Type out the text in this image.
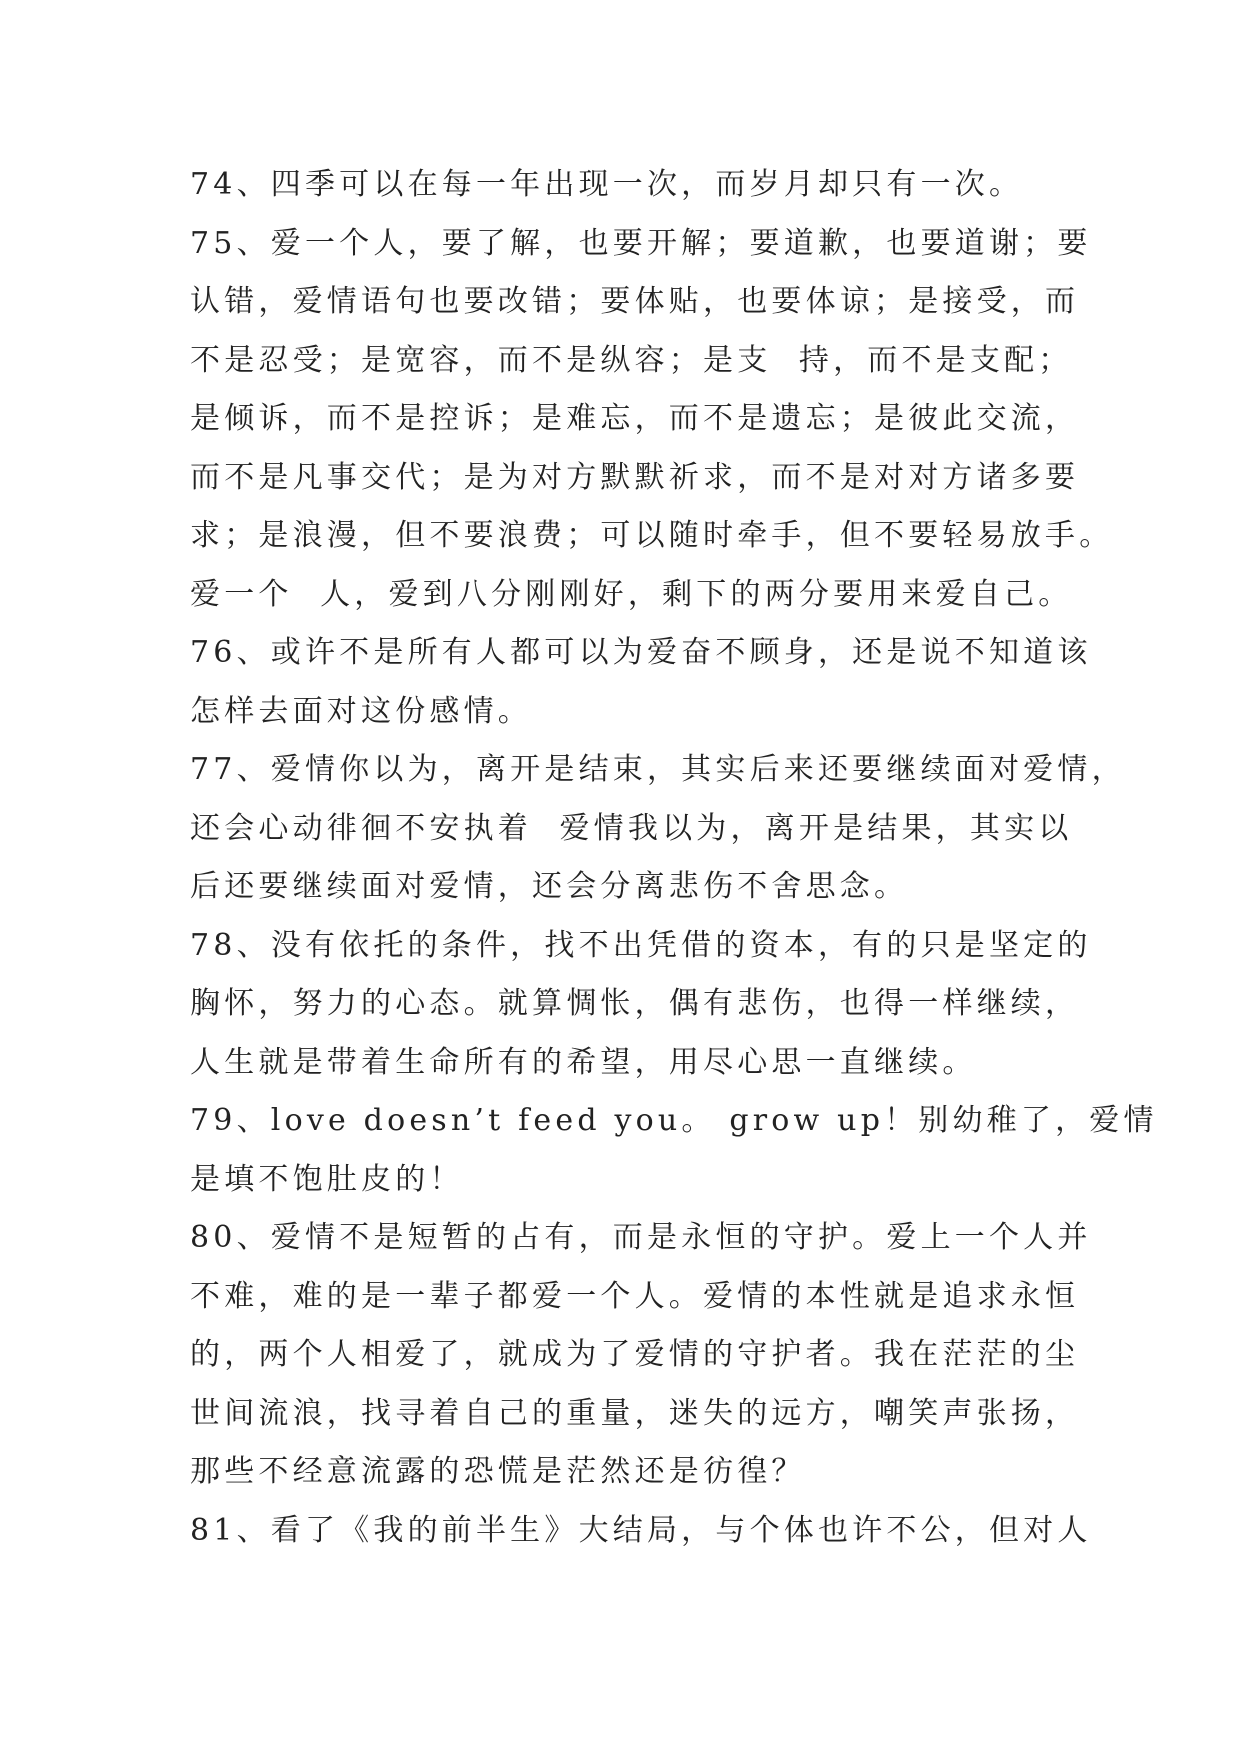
74、四季可以在每一年出现一次，而岁月却只有一次。
75、爱一个人，要了解，也要开解；要道歉，也要道谢；要
认错，爱情语句也要改错；要体贴，也要体谅；是接受，而
不是忍受；是宽容，而不是纵容；是支  持，而不是支配；
是倾诉，而不是控诉；是难忘，而不是遗忘；是彼此交流，
而不是凡事交代；是为对方默默祈求，而不是对对方诸多要
求；是浪漫，但不要浪费；可以随时牵手，但不要轻易放手。
爱一个  人，爱到八分刚刚好，剩下的两分要用来爱自己。
76、或许不是所有人都可以为爱奋不顾身，还是说不知道该
怎样去面对这份感情。
77、爱情你以为，离开是结束，其实后来还要继续面对爱情，
还会心动徘徊不安执着  爱情我以为，离开是结果，其实以
后还要继续面对爱情，还会分离悲伤不舍思念。
78、没有依托的条件，找不出凭借的资本，有的只是坚定的
胸怀，努力的心态。就算惆怅，偶有悲伤，也得一样继续，
人生就是带着生命所有的希望，用尽心思一直继续。
79、love doesn’t feed you。 grow up！别幼稚了，爱情
是填不饱肚皮的！
80、爱情不是短暂的占有，而是永恒的守护。爱上一个人并
不难，难的是一辈子都爱一个人。爱情的本性就是追求永恒
的，两个人相爱了，就成为了爱情的守护者。我在茫茫的尘
世间流浪，找寻着自己的重量，迷失的远方，嘲笑声张扬，
那些不经意流露的恐慌是茫然还是彷徨？
81、看了《我的前半生》大结局，与个体也许不公，但对人
